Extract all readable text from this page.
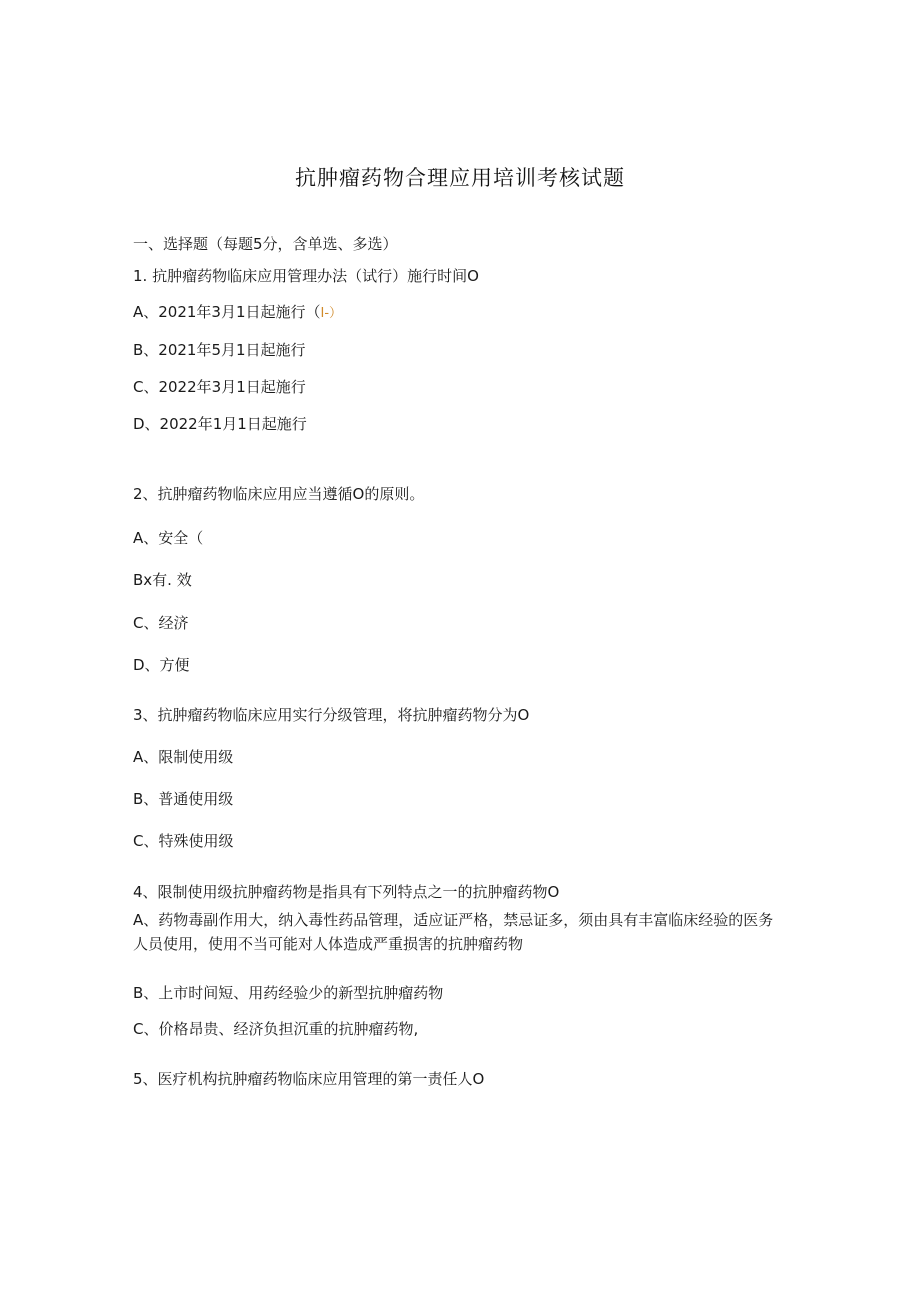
抗肿瘤药物合理应用培训考核试题
一、选择题（每题5分，含单选、多选）
1. 抗肿瘤药物临床应用管理办法（试行）施行时间O
A、2021年3月1日起施行（I-）
B、2021年5月1日起施行
C、2022年3月1日起施行
D、2022年1月1日起施行
2、抗肿瘤药物临床应用应当遵循O的原则。
A、安全（
Bx有. 效
C、经济
D、方便
3、抗肿瘤药物临床应用实行分级管理，将抗肿瘤药物分为O
A、限制使用级
B、普通使用级
C、特殊使用级
4、限制使用级抗肿瘤药物是指具有下列特点之一的抗肿瘤药物O
A、药物毒副作用大，纳入毒性药品管理，适应证严格，禁忌证多，须由具有丰富临床经验的医务人员使用，使用不当可能对人体造成严重损害的抗肿瘤药物
B、上市时间短、用药经验少的新型抗肿瘤药物
C、价格昂贵、经济负担沉重的抗肿瘤药物,
5、医疗机构抗肿瘤药物临床应用管理的第一责任人O
